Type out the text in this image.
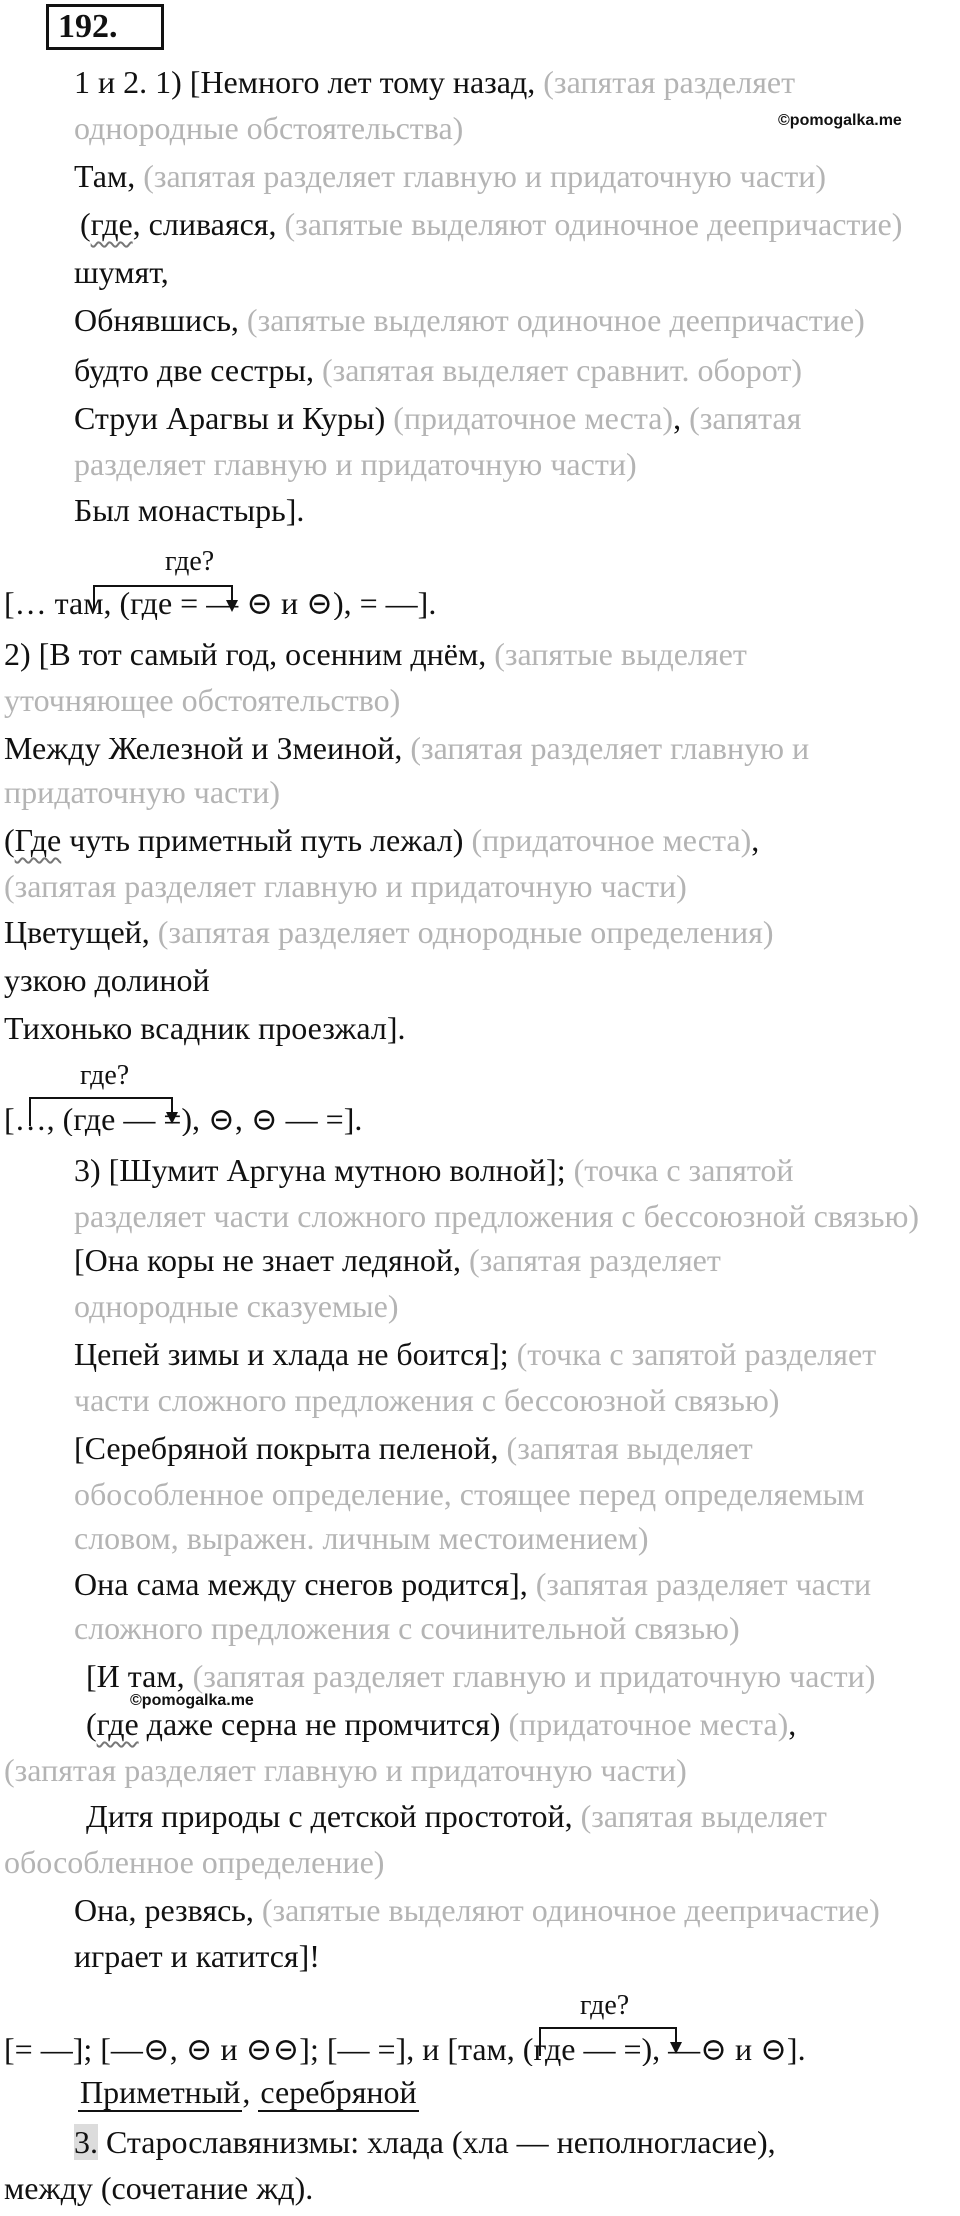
192.
©pomogalka.me
©pomogalka.me
1 и 2. 1) [Немного лет тому назад, (запятая разделяет
однородные обстоятельства)
Там, (запятая разделяет главную и придаточную части)
(где, сливаяся, (запятые выделяют одиночное деепричастие)
шумят,
Обнявшись, (запятые выделяют одиночное деепричастие)
будто две сестры, (запятая выделяет сравнит. оборот)
Струи Арагвы и Куры) (придаточное места), (запятая
разделяет главную и придаточную части)
Был монастырь].
где?
[… там, (где = — ⊝ и ⊝), = —].
2) [В тот самый год, осенним днём, (запятые выделяет
уточняющее обстоятельство)
Между Железной и Змеиной, (запятая разделяет главную и
придаточную части)
(Где чуть приметный путь лежал) (придаточное места),
(запятая разделяет главную и придаточную части)
Цветущей, (запятая разделяет однородные определения)
узкою долиной
Тихонько всадник проезжал].
где?
[…, (где — =), ⊝, ⊝ — =].
3) [Шумит Аргуна мутною волной]; (точка с запятой
разделяет части сложного предложения с бессоюзной связью)
[Она коры не знает ледяной, (запятая разделяет
однородные сказуемые)
Цепей зимы и хлада не боится]; (точка с запятой разделяет
части сложного предложения с бессоюзной связью)
[Серебряной покрыта пеленой, (запятая выделяет
обособленное определение, стоящее перед определяемым
словом, выражен. личным местоимением)
Она сама между снегов родится], (запятая разделяет части
сложного предложения с сочинительной связью)
[И там, (запятая разделяет главную и придаточную части)
(где даже серна не промчится) (придаточное места),
(запятая разделяет главную и придаточную части)
Дитя природы с детской простотой, (запятая выделяет
обособленное определение)
Она, резвясь, (запятые выделяют одиночное деепричастие)
играет и катится]!
где?
[= —]; [—⊝, ⊝ и ⊝⊝]; [— =], и [там, (где — =), —⊝ и ⊝].
Приметный, серебряной
3. Старославянизмы: хлада (хла — неполногласие),
между (сочетание жд).
